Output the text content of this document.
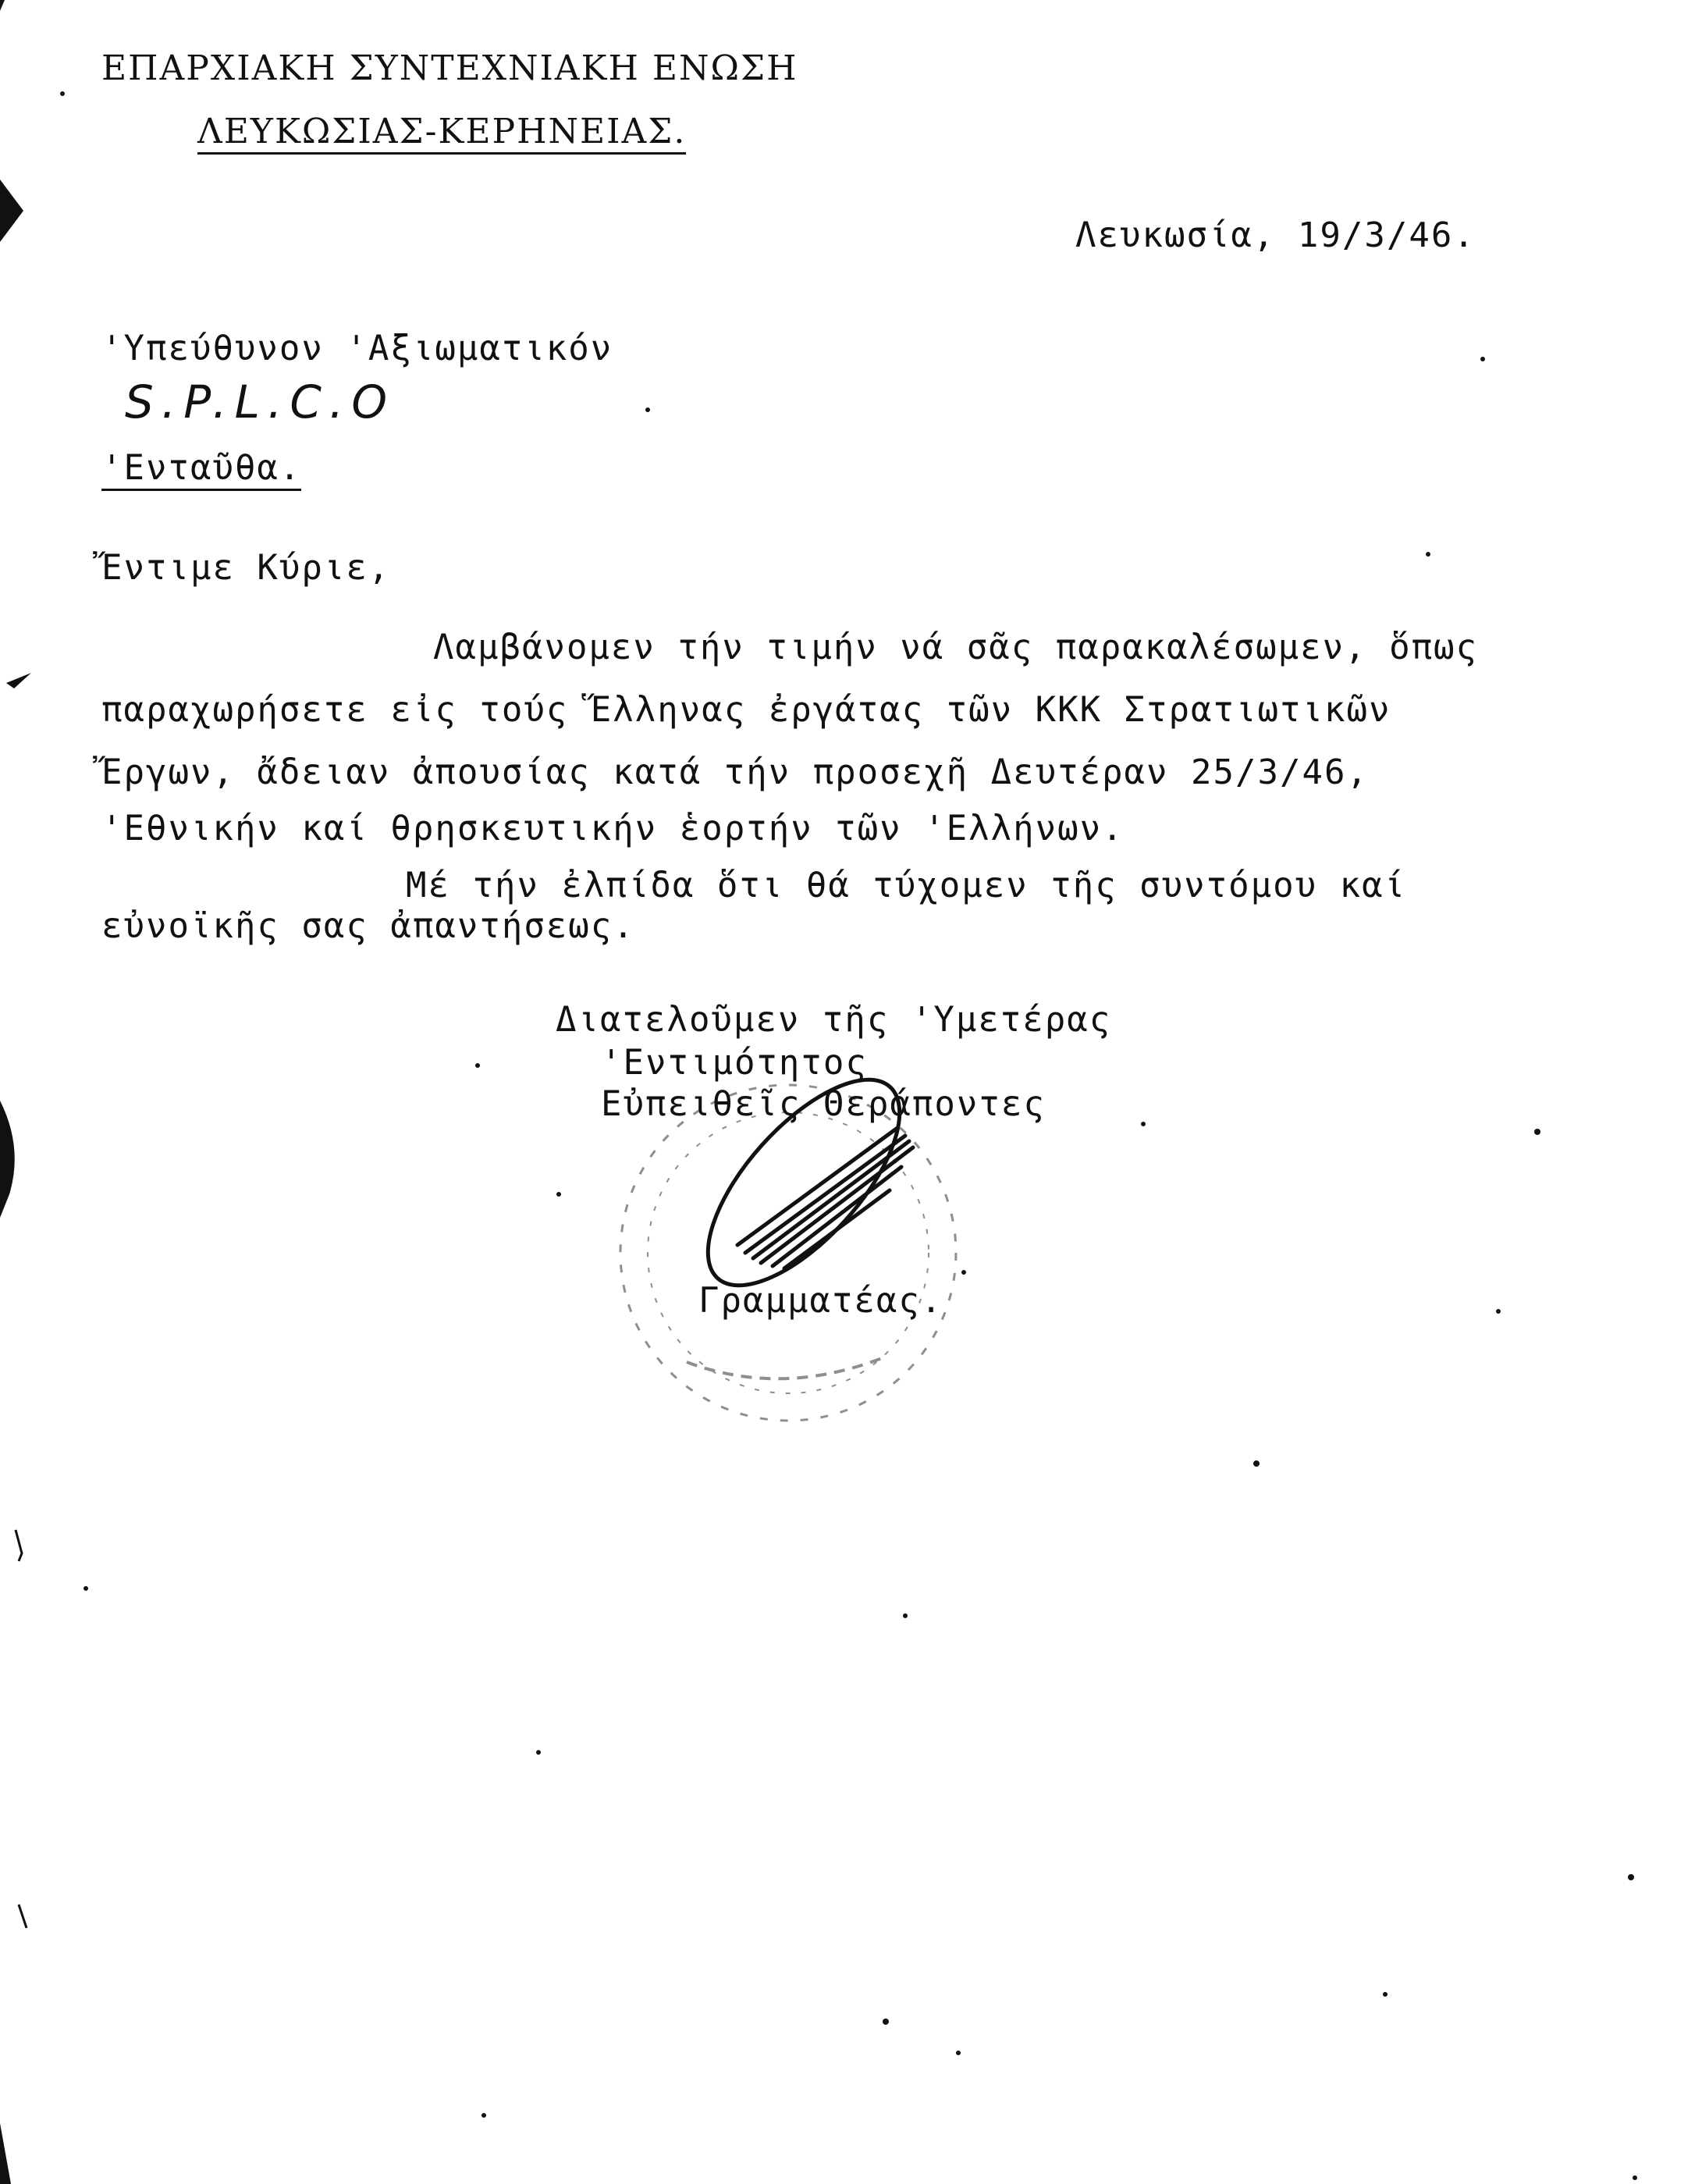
ΕΠΑΡΧΙΑΚΗ ΣΥΝΤΕΧΝΙΑΚΗ ΕΝΩΣΗ
ΛΕΥΚΩΣΙΑΣ-ΚΕΡΗΝΕΙΑΣ.
Λευκωσία, 19/3/46.
'Υπεύθυνον 'Αξιωματικόν
S.P.L.C.O
'Ενταῦθα.
Ἔντιμε Κύριε,
Λαμβάνομεν τήν τιμήν νά σᾶς παρακαλέσωμεν, ὅπως
παραχωρήσετε εἰς τούς Ἕλληνας ἐργάτας τῶν ΚΚΚ Στρατιωτικῶν
Ἔργων, ἄδειαν ἀπουσίας κατά τήν προσεχῆ Δευτέραν 25/3/46,
'Εθνικήν καί θρησκευτικήν ἑορτήν τῶν 'Ελλήνων.
Μέ τήν ἐλπίδα ὅτι θά τύχομεν τῆς συντόμου καί
εὐνοϊκῆς σας ἀπαντήσεως.
Διατελοῦμεν τῆς 'Υμετέρας
'Εντιμότητος
Εὐπειθεῖς Θεράποντες
Γραμματέας.
